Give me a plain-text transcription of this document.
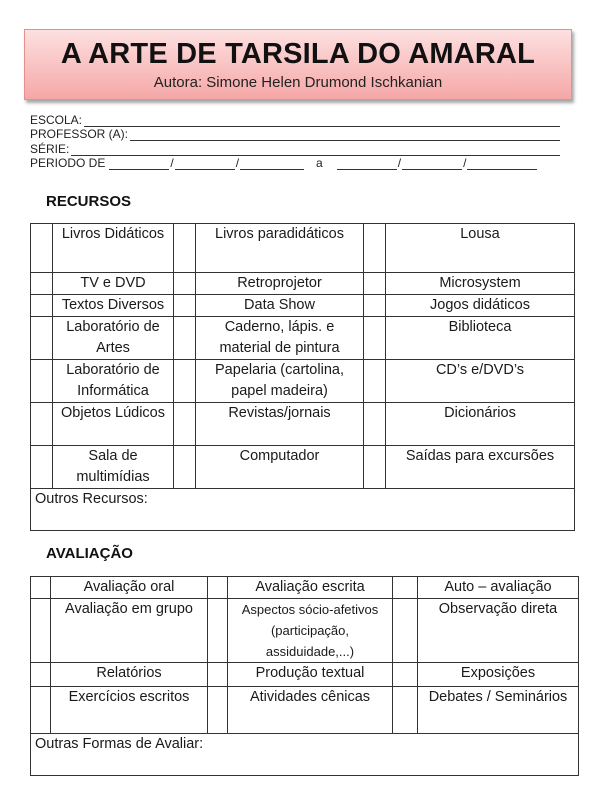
A ARTE DE TARSILA DO AMARAL
Autora: Simone Helen Drumond Ischkanian
ESCOLA:
PROFESSOR (A):
SÉRIE:
PERIODO DE	/	/	a	/	/
RECURSOS
	Livros Didáticos		Livros paradidáticos		Lousa
	TV e DVD		Retroprojetor		Microsystem
	Textos Diversos		Data Show		Jogos didáticos
	Laboratório de Artes		Caderno, lápis. e material de pintura		Biblioteca
	Laboratório de Informática		Papelaria (cartolina, papel madeira)		CD’s e/DVD’s
	Objetos Lúdicos		Revistas/jornais		Dicionários
	Sala de multimídias		Computador		Saídas para excursões
Outros Recursos:					
AVALIAÇÃO
	Avaliação oral		Avaliação escrita		Auto – avaliação
	Avaliação em grupo		Aspectos sócio-afetivos (participação, assiduidade,...)		Observação direta
	Relatórios		Produção textual		Exposições
	Exercícios escritos		Atividades cênicas		Debates / Seminários
Outras Formas de Avaliar:					
